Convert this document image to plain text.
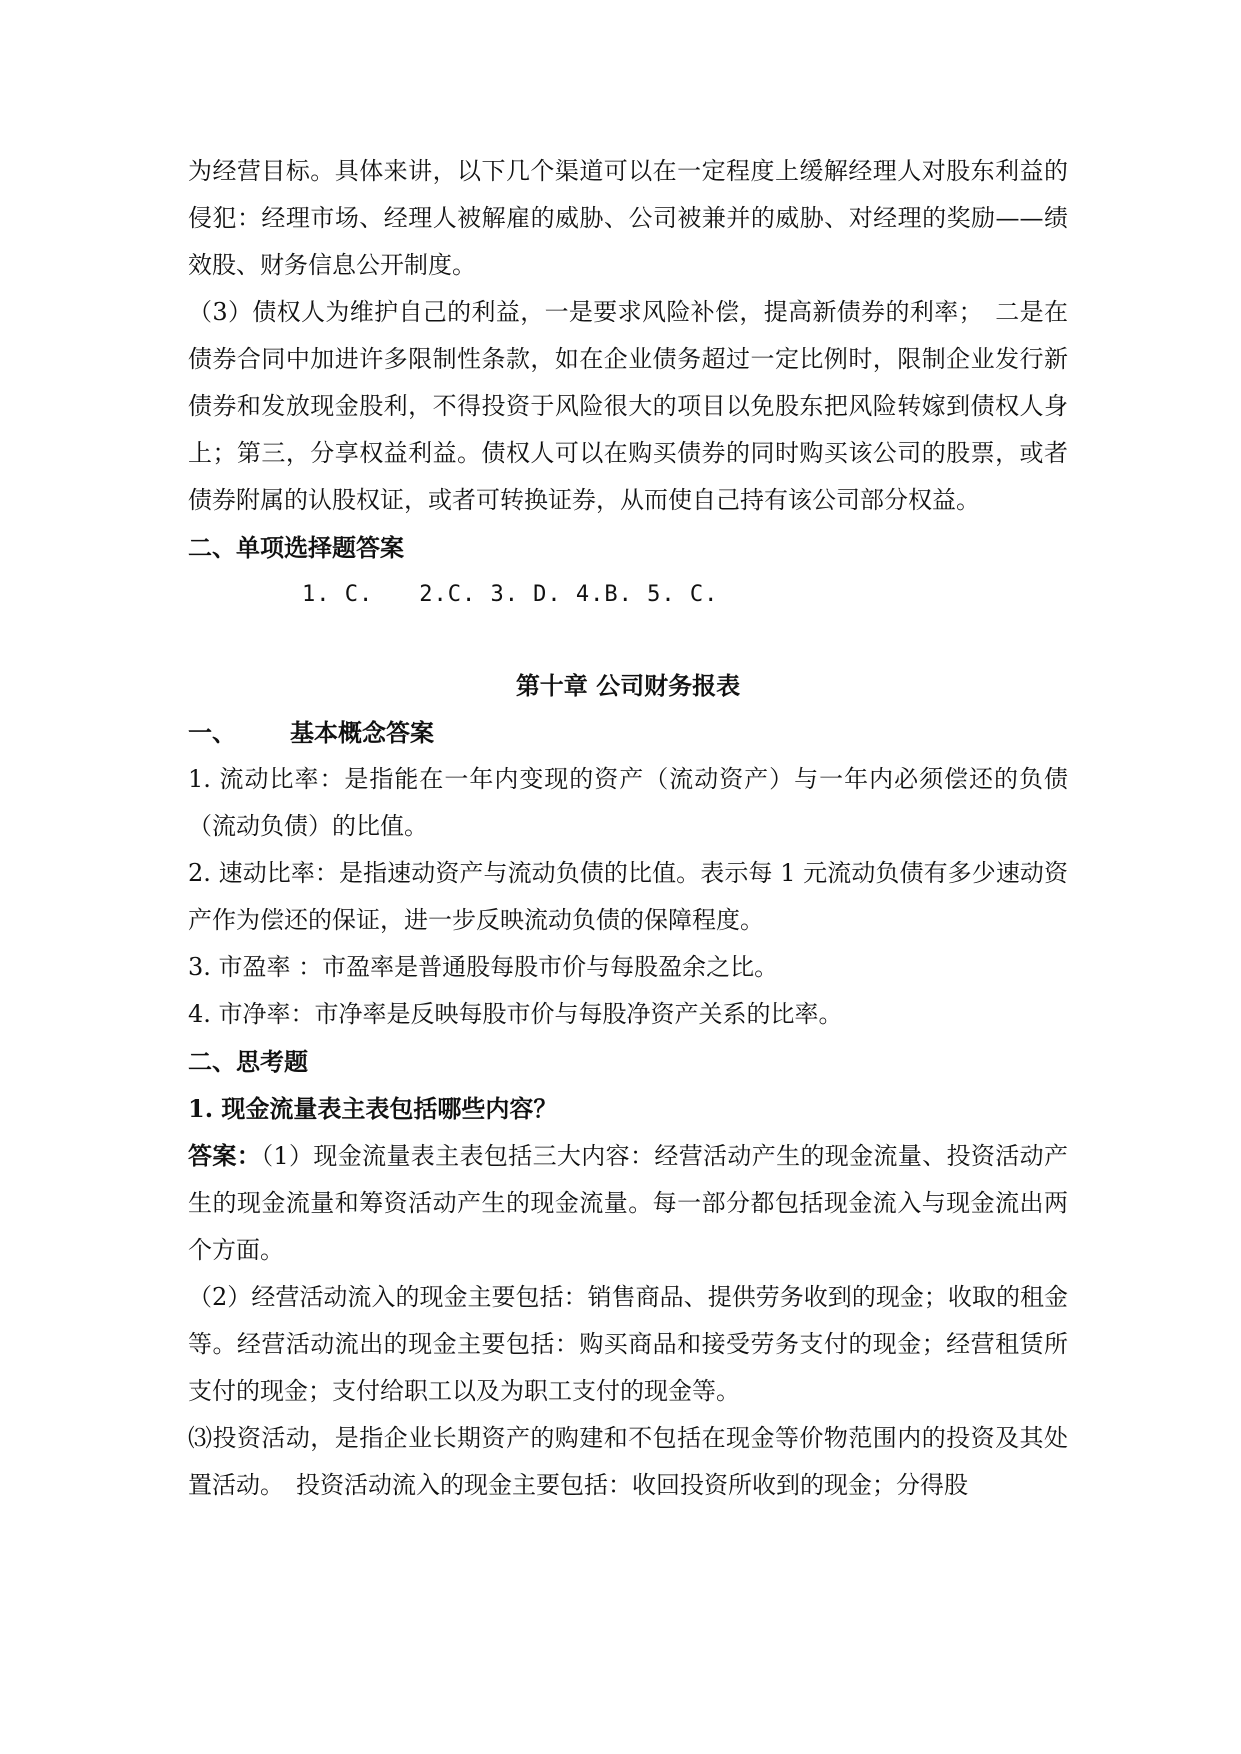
为经营目标。具体来讲，以下几个渠道可以在一定程度上缓解经理人对股东利益的侵犯：经理市场、经理人被解雇的威胁、公司被兼并的威胁、对经理的奖励——绩效股、财务信息公开制度。

（3）债权人为维护自己的利益，一是要求风险补偿，提高新债券的利率；　二是在债券合同中加进许多限制性条款，如在企业债务超过一定比例时，限制企业发行新债券和发放现金股利，不得投资于风险很大的项目以免股东把风险转嫁到债权人身上；第三，分享权益利益。债权人可以在购买债券的同时购买该公司的股票，或者债券附属的认股权证，或者可转换证券，从而使自己持有该公司部分权益。

二、单项选择题答案

1. C.　　2.C. 3. D. 4.B. 5. C.

第十章 公司财务报表

一、 基本概念答案

1. 流动比率：是指能在一年内变现的资产（流动资产）与一年内必须偿还的负债（流动负债）的比值。

2. 速动比率：是指速动资产与流动负债的比值。表示每 1 元流动负债有多少速动资产作为偿还的保证，进一步反映流动负债的保障程度。

3. 市盈率 ：市盈率是普通股每股市价与每股盈余之比。

4. 市净率：市净率是反映每股市价与每股净资产关系的比率。

二、思考题

1. 现金流量表主表包括哪些内容？

答案：（1）现金流量表主表包括三大内容：经营活动产生的现金流量、投资活动产生的现金流量和筹资活动产生的现金流量。每一部分都包括现金流入与现金流出两个方面。

（2）经营活动流入的现金主要包括：销售商品、提供劳务收到的现金；收取的租金等。经营活动流出的现金主要包括：购买商品和接受劳务支付的现金；经营租赁所支付的现金；支付给职工以及为职工支付的现金等。

⑶投资活动，是指企业长期资产的购建和不包括在现金等价物范围内的投资及其处置活动。　投资活动流入的现金主要包括：收回投资所收到的现金；分得股
